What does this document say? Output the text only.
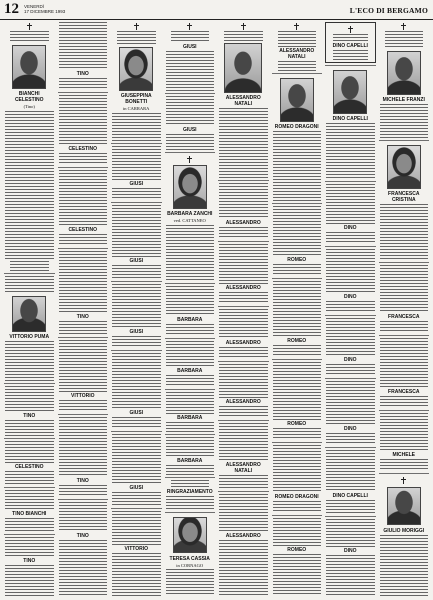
12 VENERDÌ
17 DICEMBRE 1993	L'ECO DI BERGAMO
BIANCHI CELESTINO
(Tino)
VITTORIO PUMA
TINO
CELESTINO
TINO BIANCHI
TINO
TINO
CELESTINO
CELESTINO
TINO
VITTORIO
TINO
TINO
GIUSEPPINA BONETTI
in CARRARA
GIUSI
GIUSI
GIUSI
GIUSI
GIUSI
VITTORIO
GIUSI
GIUSI
BARBARA ZANCHI
ved. CATTANEO
BARBARA
BARBARA
BARBARA
BARBARA
RINGRAZIAMENTO
TERESA CASSIA
in CORNAGO
ALESSANDRO NATALI
ALESSANDRO
ALESSANDRO
ALESSANDRO
ALESSANDRO
ALESSANDRO NATALI
ALESSANDRO
ALESSANDRO NATALI
ROMEO DRAGONI
ROMEO
ROMEO
ROMEO
ROMEO DRAGONI
ROMEO
DINO CAPELLI
DINO CAPELLI
DINO
DINO
DINO
DINO
DINO CAPELLI
DINO
MICHELE FRANZI
FRANCESCA CRISTINA
FRANCESCA
FRANCESCA
MICHELE
GIULIO MORIGGI
